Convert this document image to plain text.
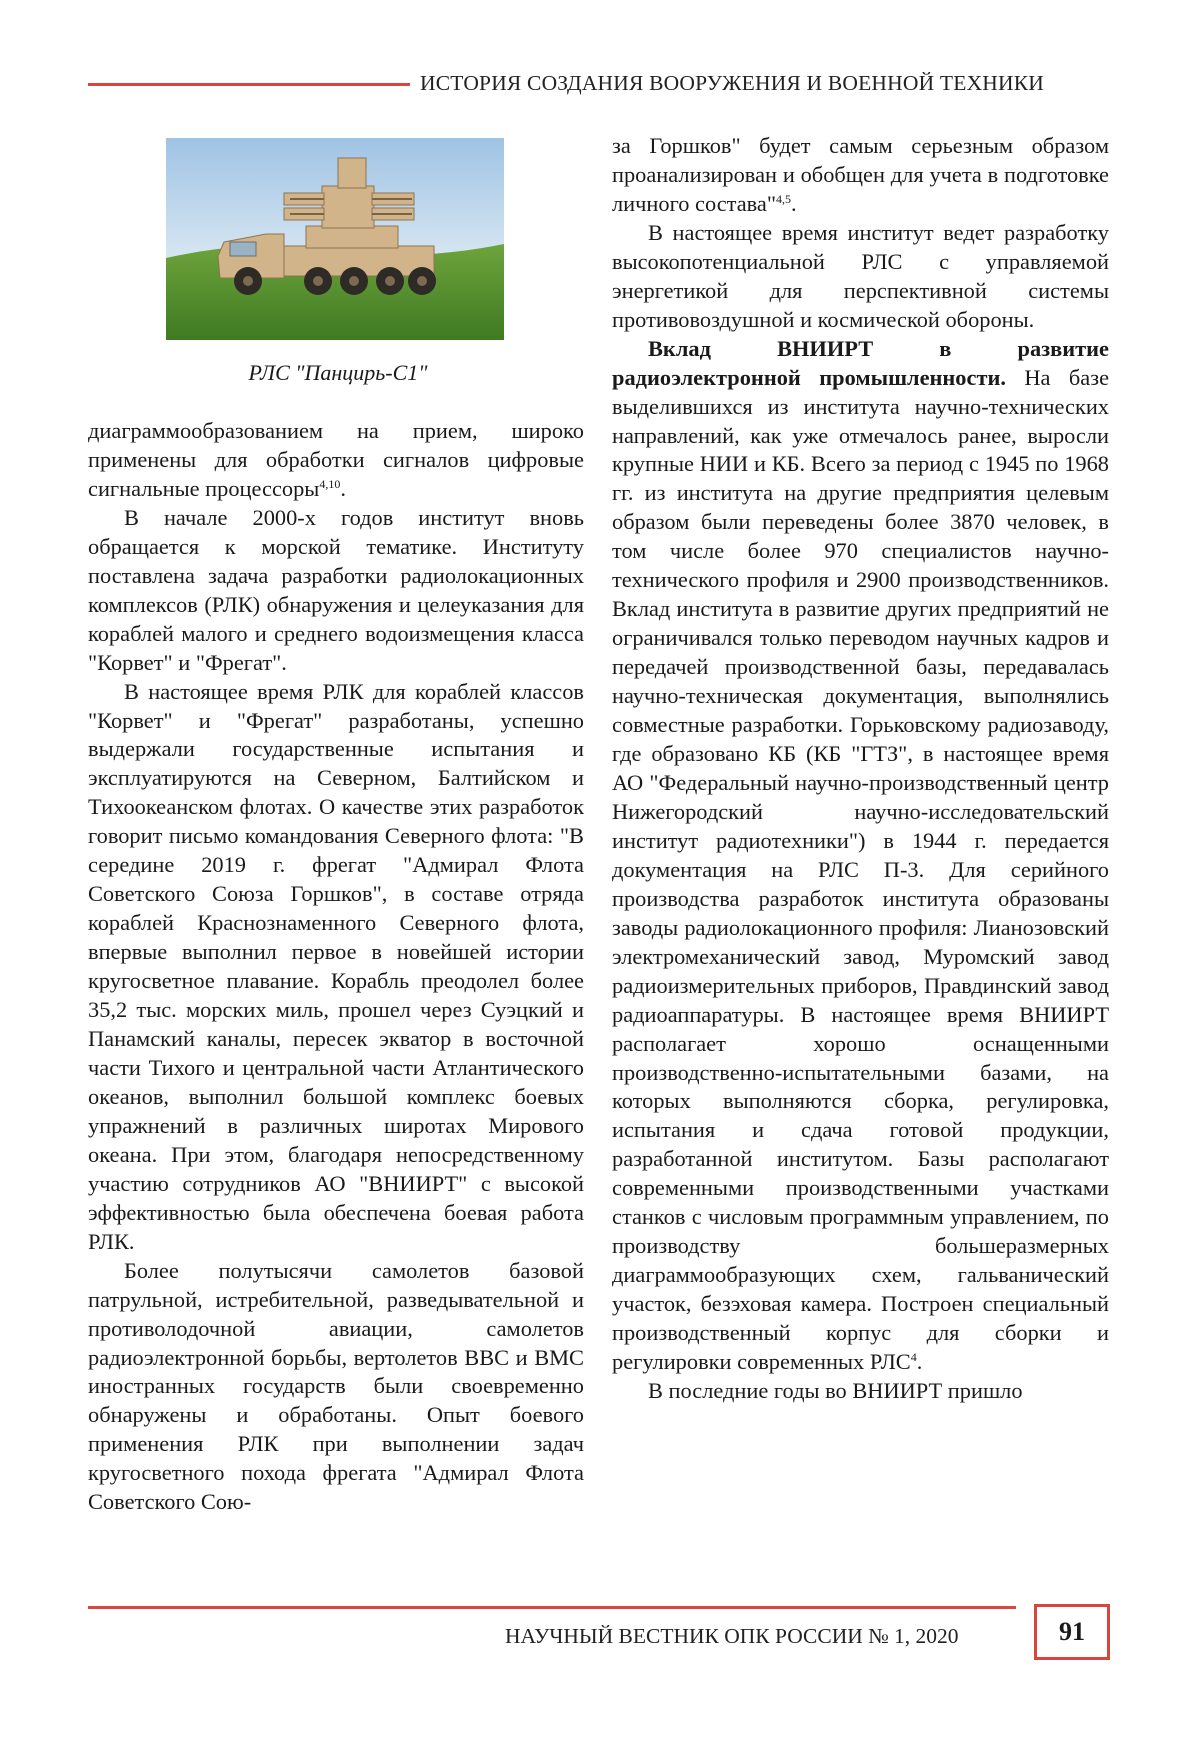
ИСТОРИЯ СОЗДАНИЯ ВООРУЖЕНИЯ И ВОЕННОЙ ТЕХНИКИ
РЛС "Панцирь-С1"

диаграммообразованием на прием, широко применены для обработки сигналов цифровые сигнальные процессоры$^{4,10}$.

В начале 2000-х годов институт вновь обращается к морской тематике. Институту поставлена задача разработки радиолокационных комплексов (РЛК) обнаружения и целеуказания для кораблей малого и среднего водоизмещения класса "Корвет" и "Фрегат".

В настоящее время РЛК для кораблей классов "Корвет" и "Фрегат" разработаны, успешно выдержали государственные испытания и эксплуатируются на Северном, Балтийском и Тихоокеанском флотах. О качестве этих разработок говорит письмо командования Северного флота: "В середине 2019 г. фрегат "Адмирал Флота Советского Союза Горшков", в составе отряда кораблей Краснознаменного Северного флота, впервые выполнил первое в новейшей истории кругосветное плавание. Корабль преодолел более 35,2 тыс. морских миль, прошел через Суэцкий и Панамский каналы, пересек экватор в восточной части Тихого и центральной части Атлантического океанов, выполнил большой комплекс боевых упражнений в различных широтах Мирового океана. При этом, благодаря непосредственному участию сотрудников АО "ВНИИРТ" с высокой эффективностью была обеспечена боевая работа РЛК.

Более полутысячи самолетов базовой патрульной, истребительной, разведывательной и противолодочной авиации, самолетов радиоэлектронной борьбы, вертолетов ВВС и ВМС иностранных государств были своевременно обнаружены и обработаны. Опыт боевого применения РЛК при выполнении задач кругосветного похода фрегата "Адмирал Флота Советского Сою-

за Горшков" будет самым серьезным образом проанализирован и обобщен для учета в подготовке личного состава"$^{4,5}$.

В настоящее время институт ведет разработку высокопотенциальной РЛС с управляемой энергетикой для перспективной системы противовоздушной и космической обороны.

Вклад ВНИИРТ в развитие радиоэлектронной промышленности. На базе выделившихся из института научно-технических направлений, как уже отмечалось ранее, выросли крупные НИИ и КБ. Всего за период с 1945 по 1968 гг. из института на другие предприятия целевым образом были переведены более 3870 человек, в том числе более 970 специалистов научно-технического профиля и 2900 производственников. Вклад института в развитие других предприятий не ограничивался только переводом научных кадров и передачей производственной базы, передавалась научно-техническая документация, выполнялись совместные разработки. Горьковскому радиозаводу, где образовано КБ (КБ "ГТЗ", в настоящее время АО "Федеральный научно-производственный центр Нижегородский научно-исследовательский институт радиотехники") в 1944 г. передается документация на РЛС П-3. Для серийного производства разработок института образованы заводы радиолокационного профиля: Лианозовский электромеханический завод, Муромский завод радиоизмерительных приборов, Правдинский завод радиоаппаратуры. В настоящее время ВНИИРТ располагает хорошо оснащенными производственно-испытательными базами, на которых выполняются сборка, регулировка, испытания и сдача готовой продукции, разработанной институтом. Базы располагают современными производственными участками станков с числовым программным управлением, по производству большеразмерных диаграммообразующих схем, гальванический участок, безэховая камера. Построен специальный производственный корпус для сборки и регулировки современных РЛС$^4$.

В последние годы во ВНИИРТ пришло

НАУЧНЫЙ ВЕСТНИК ОПК РОССИИ № 1, 2020	91
